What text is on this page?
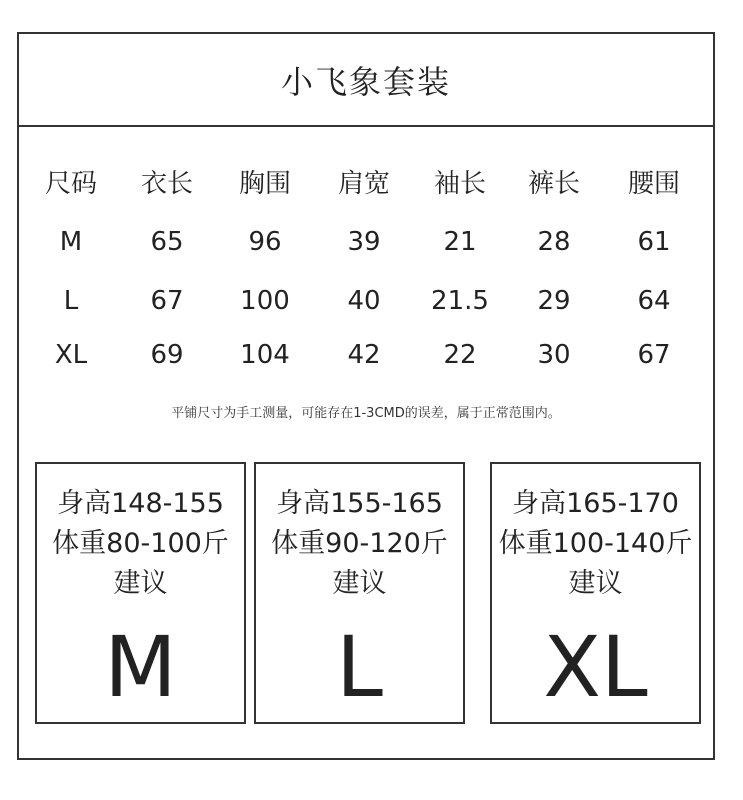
小飞象套装
尺码 衣长 胸围 肩宽 袖长 裤长 腰围
M	65 96	39 21 28	61
L	67 100 40 21.5 29	64
XL 69 104 42 22 30	67
平铺尺寸为手工测量，可能存在1-3CMD的误差，属于正常范围内。
身高148-155
体重80-100斤
建议
M
身高155-165
体重90-120斤
建议
L
身高165-170
体重100-140斤
建议
XL
